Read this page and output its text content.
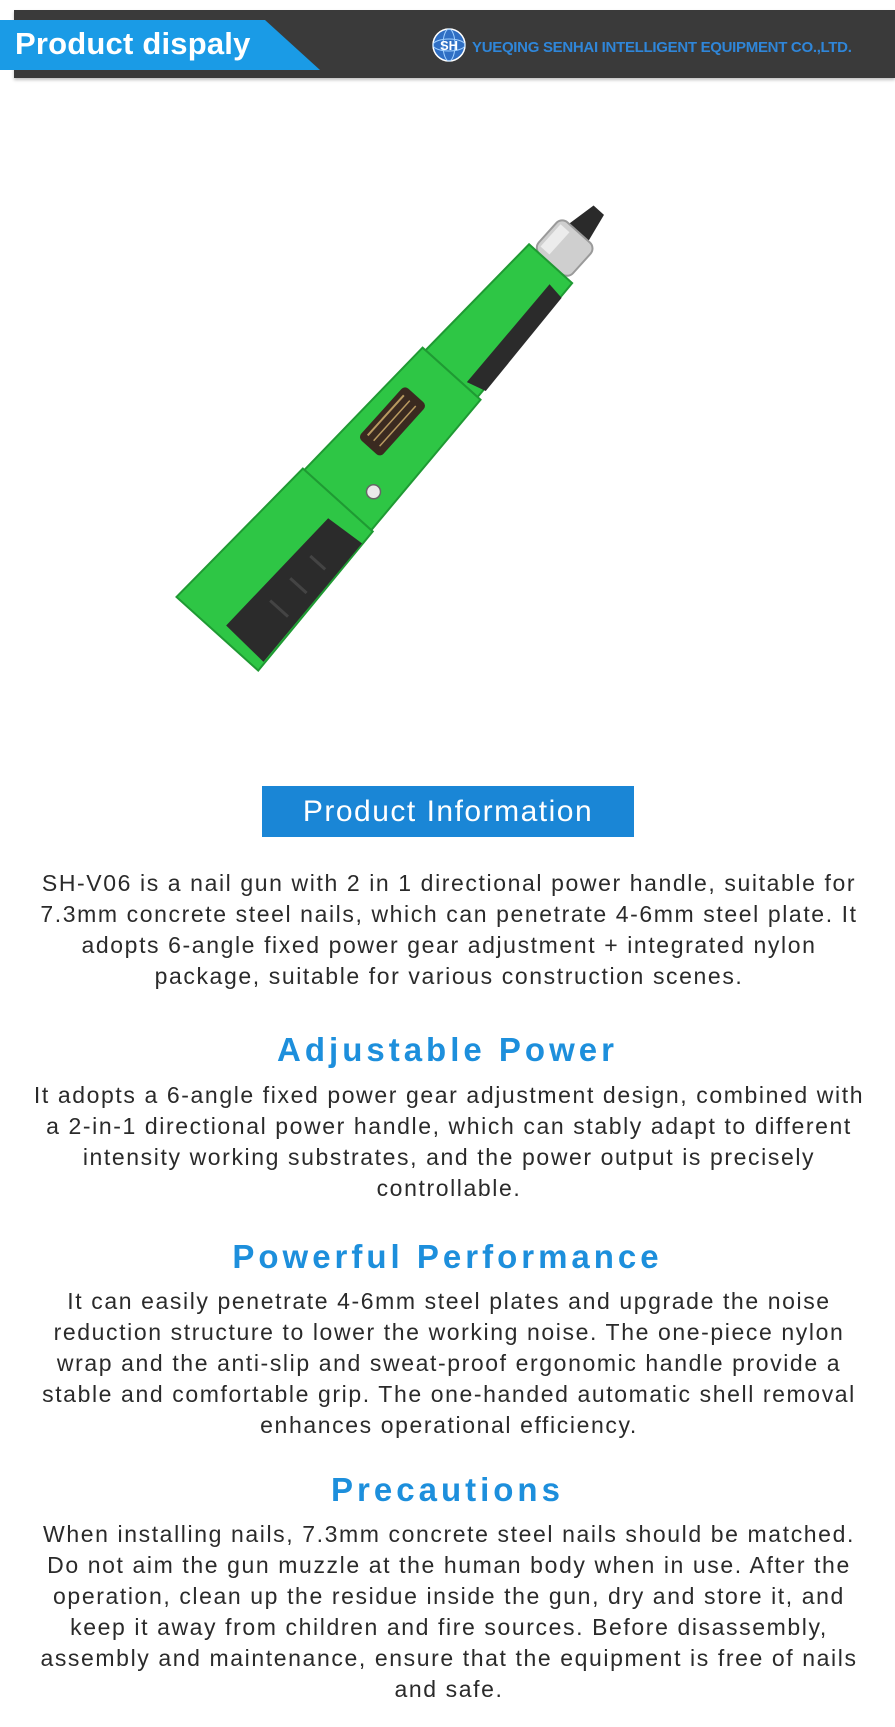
Product dispaly	SH YUEQING SENHAI INTELLIGENT EQUIPMENT CO.,LTD.
Product Information
SH-V06 is a nail gun with 2 in 1 directional power handle, suitable for 7.3mm concrete steel nails, which can penetrate 4-6mm steel plate. It adopts 6-angle fixed power gear adjustment + integrated nylon package, suitable for various construction scenes.
Adjustable Power
It adopts a 6-angle fixed power gear adjustment design, combined with a 2-in-1 directional power handle, which can stably adapt to different intensity working substrates, and the power output is precisely controllable.
Powerful Performance
It can easily penetrate 4-6mm steel plates and upgrade the noise reduction structure to lower the working noise. The one-piece nylon wrap and the anti-slip and sweat-proof ergonomic handle provide a stable and comfortable grip. The one-handed automatic shell removal enhances operational efficiency.
Precautions
When installing nails, 7.3mm concrete steel nails should be matched. Do not aim the gun muzzle at the human body when in use. After the operation, clean up the residue inside the gun, dry and store it, and keep it away from children and fire sources. Before disassembly, assembly and maintenance, ensure that the equipment is free of nails and safe.
